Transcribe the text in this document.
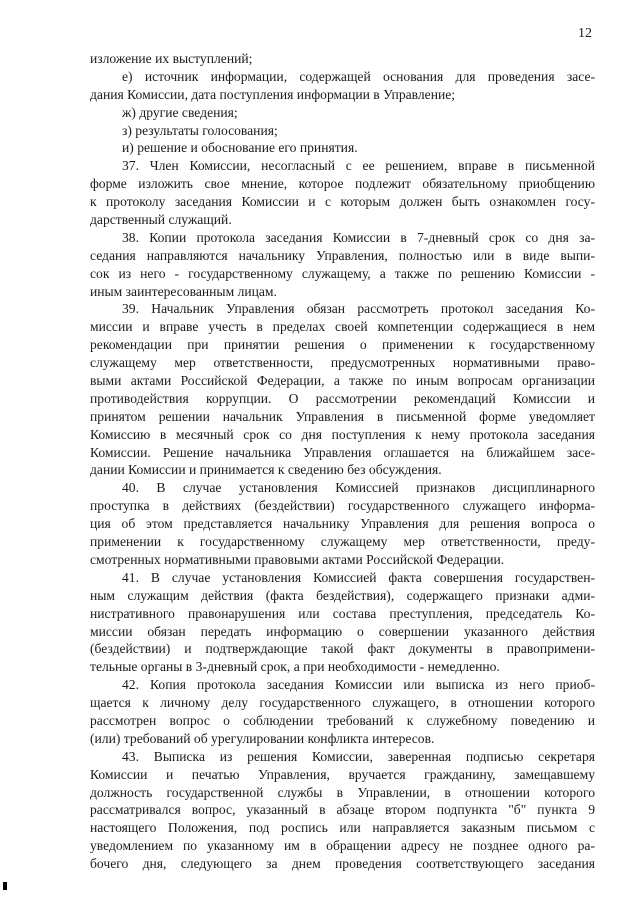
12
изложение их выступлений;
е) источник информации, содержащей основания для проведения засе-
дания Комиссии, дата поступления информации в Управление;
ж) другие сведения;
з) результаты голосования;
и) решение и обоснование его принятия.
37. Член Комиссии, несогласный с ее решением, вправе в письменной
форме изложить свое мнение, которое подлежит обязательному приобщению
к протоколу заседания Комиссии и с которым должен быть ознакомлен госу-
дарственный служащий.
38. Копии протокола заседания Комиссии в 7-дневный срок со дня за-
седания направляются начальнику Управления, полностью или в виде выпи-
сок из него - государственному служащему, а также по решению Комиссии -
иным заинтересованным лицам.
39. Начальник Управления обязан рассмотреть протокол заседания Ко-
миссии и вправе учесть в пределах своей компетенции содержащиеся в нем
рекомендации при принятии решения о применении к государственному
служащему мер ответственности, предусмотренных нормативными право-
выми актами Российской Федерации, а также по иным вопросам организации
противодействия коррупции. О рассмотрении рекомендаций Комиссии и
принятом решении начальник Управления в письменной форме уведомляет
Комиссию в месячный срок со дня поступления к нему протокола заседания
Комиссии. Решение начальника Управления оглашается на ближайшем засе-
дании Комиссии и принимается к сведению без обсуждения.
40. В случае установления Комиссией признаков дисциплинарного
проступка в действиях (бездействии) государственного служащего информа-
ция об этом представляется начальнику Управления для решения вопроса о
применении к государственному служащему мер ответственности, преду-
смотренных нормативными правовыми актами Российской Федерации.
41. В случае установления Комиссией факта совершения государствен-
ным служащим действия (факта бездействия), содержащего признаки адми-
нистративного правонарушения или состава преступления, председатель Ко-
миссии обязан передать информацию о совершении указанного действия
(бездействии) и подтверждающие такой факт документы в правопримени-
тельные органы в 3-дневный срок, а при необходимости - немедленно.
42. Копия протокола заседания Комиссии или выписка из него приоб-
щается к личному делу государственного служащего, в отношении которого
рассмотрен вопрос о соблюдении требований к служебному поведению и
(или) требований об урегулировании конфликта интересов.
43. Выписка из решения Комиссии, заверенная подписью секретаря
Комиссии и печатью Управления, вручается гражданину, замещавшему
должность государственной службы в Управлении, в отношении которого
рассматривался вопрос, указанный в абзаце втором подпункта "б" пункта 9
настоящего Положения, под роспись или направляется заказным письмом с
уведомлением по указанному им в обращении адресу не позднее одного ра-
бочего дня, следующего за днем проведения соответствующего заседания
